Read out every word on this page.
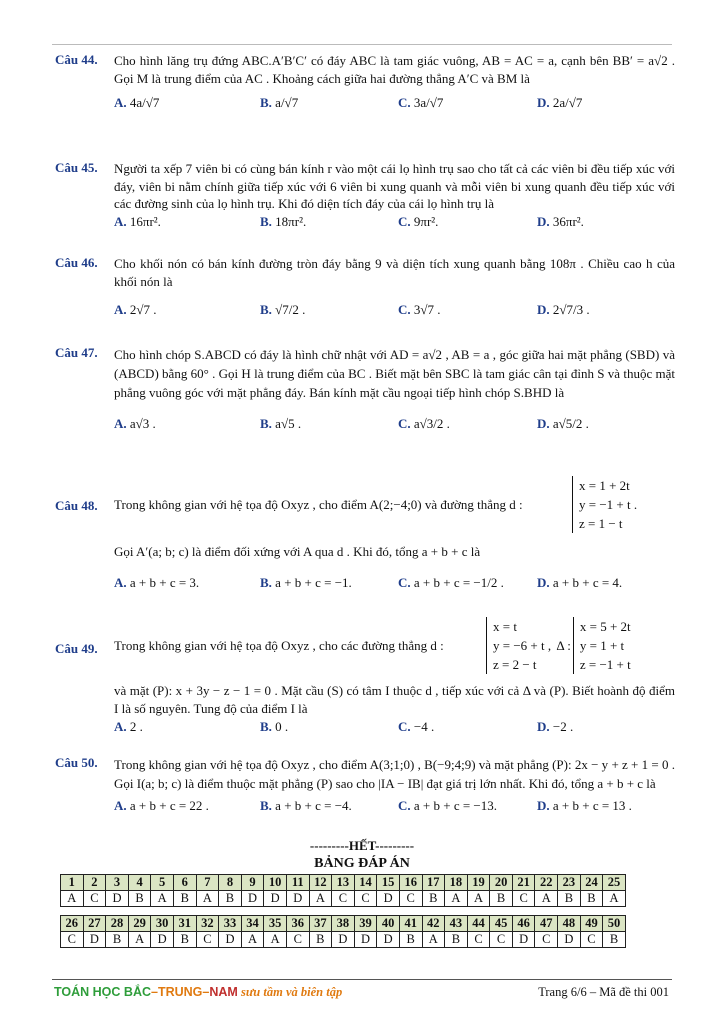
Câu 44. Cho hình lăng trụ đứng ABC.A′B′C′ có đáy ABC là tam giác vuông, AB = AC = a, cạnh bên BB′ = a√2 . Gọi M là trung điểm của AC . Khoảng cách giữa hai đường thẳng A′C và BM là
A. 4a/√7	B. a/√7	C. 3a/√7	D. 2a/√7
Câu 45. Người ta xếp 7 viên bi có cùng bán kính r vào một cái lọ hình trụ sao cho tất cả các viên bi đều tiếp xúc với đáy, viên bi nằm chính giữa tiếp xúc với 6 viên bi xung quanh và mỗi viên bi xung quanh đều tiếp xúc với các đường sinh của lọ hình trụ. Khi đó diện tích đáy của cái lọ hình trụ là
A. 16πr².	B. 18πr².	C. 9πr².	D. 36πr².
Câu 46. Cho khối nón có bán kính đường tròn đáy bằng 9 và diện tích xung quanh bằng 108π . Chiều cao h của khối nón là
A. 2√7 .	B. √7/2 .	C. 3√7 .	D. 2√7/3 .
Câu 47. Cho hình chóp S.ABCD có đáy là hình chữ nhật với AD = a√2 , AB = a , góc giữa hai mặt phẳng (SBD) và (ABCD) bằng 60° . Gọi H là trung điểm của BC . Biết mặt bên SBC là tam giác cân tại đỉnh S và thuộc mặt phẳng vuông góc với mặt phẳng đáy. Bán kính mặt cầu ngoại tiếp hình chóp S.BHD là
A. a√3 .	B. a√5 .	C. a√3/2 .	D. a√5/2 .
Câu 48. Trong không gian với hệ tọa độ Oxyz , cho điểm A(2;−4;0) và đường thẳng d :
x = 1 + 2t
y = −1 + t .
z = 1 − t
Gọi A′(a; b; c) là điểm đối xứng với A qua d . Khi đó, tổng a + b + c là
A. a + b + c = 3.	B. a + b + c = −1.	C. a + b + c = −1/2 .	D. a + b + c = 4.
Câu 49. Trong không gian với hệ tọa độ Oxyz , cho các đường thẳng d :
x = t
y = −6 + t ,
z = 2 − t
Δ :
x = 5 + 2t
y = 1 + t
z = −1 + t
và mặt (P): x + 3y − z − 1 = 0 . Mặt cầu (S) có tâm I thuộc d , tiếp xúc với cả Δ và (P). Biết hoành độ điểm I là số nguyên. Tung độ của điểm I là
A. 2 .	B. 0 .	C. −4 .	D. −2 .
Câu 50. Trong không gian với hệ tọa độ Oxyz , cho điểm A(3;1;0) , B(−9;4;9) và mặt phẳng (P): 2x − y + z + 1 = 0 . Gọi I(a; b; c) là điểm thuộc mặt phẳng (P) sao cho |IA − IB| đạt giá trị lớn nhất. Khi đó, tổng a + b + c là
A. a + b + c = 22 .	B. a + b + c = −4.	C. a + b + c = −13.	D. a + b + c = 13 .
---------HẾT---------
BẢNG ĐÁP ÁN
1	2	3	4	5	6	7	8	9	10	11	12	13	14	15	16	17	18	19	20	21	22	23	24	25
A	C	D	B	A	B	A	B	D	D	D	A	C	C	D	C	B	A	A	B	C	A	B	B	A
26	27	28	29	30	31	32	33	34	35	36	37	38	39	40	41	42	43	44	45	46	47	48	49	50
C	D	B	A	D	B	C	D	A	A	C	B	D	D	D	B	A	B	C	C	D	C	D	C	B
TOÁN HỌC BẮC–TRUNG–NAM sưu tầm và biên tập	Trang 6/6 – Mã đề thi 001
